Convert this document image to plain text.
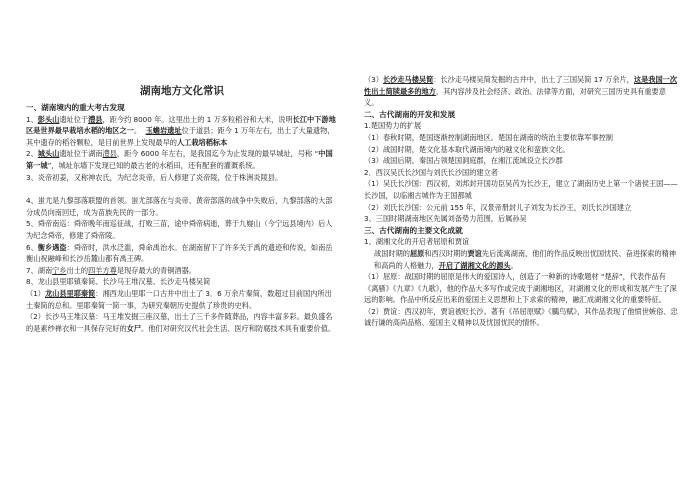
湖南地方文化常识

一、湖南境内的重大考古发现

1、彭头山遗址位于澧县，距今约 8000 年。这里出土的 1 万多粒稻谷和大米，说明长江中下游地区是世界最早栽培水稻的地区之一。 玉蟾岩遗址位于道县；距今 1 万年左右，出土了大量遗物，其中遗存的稻谷颗粒，是目前世界上发现最早的人工栽培稻标本

2、城头山遗址位于湖南澧县，距今 6000 年左右，是我国迄今为止发现的最早城址，号称 “中国第一城”，城址东墙下发现已知的最古老的水稻田，还有配套的灌溉系统。

3、炎帝初姜，又称神农氏，为纪念炎帝，后人修建了炎帝陵，位于株洲炎陵县。

4、蚩尤是九黎部落联盟的首领。蚩尤部落在与炎帝、黄帝部落的战争中失败后，九黎部落的大部分成员向南回迁，成为苗族先民的一部分。

5、舜帝南巡：舜帝晚年南巡征战，打败三苗，途中舜帝病逝，葬于九嶷山（今宁远县境内）后人为纪念舜帝，修建了舜帝陵。

6、衡乡遇盗：舜帝时，洪水泛滥，舜命禹治水。在湖南留下了许多关于禹的遗迹和传说，如南岳衡山祝融峰和长沙岳麓山都有禹王碑。

7、湖南宁乡出土的四羊方尊是现存最大的青铜酒器。

8、龙山县里耶镇秦简、长沙马王堆汉墓、长沙走马楼吴简

（1）龙山县里耶秦简：湘西龙山里耶一口古井中出土了 3．6 万余片秦简，数超过目前国内所出土秦简的总和。里耶秦简一简一事，为研究秦朝历史提供了珍贵的史料。

（2）长沙马王堆汉墓：马王堆发掘三座汉墓，出土了三千多件随葬品，内容丰富多彩。最负盛名的是素纱禅衣和一具保存完好的女尸。他们对研究汉代社会生活、医疗和防腐技术具有重要价值。

（3）长沙走马楼吴简：长沙走马楼吴简发掘的古井中，出土了三国吴简 17 万余片，这是我国一次性出土简牍最多的地方，其内容涉及社会经济、政治、法律等方面，对研究三国历史具有重要意义。

二、古代湖南的开发和发展

1.楚国势力的扩展

（1）春秋时期，楚国逐渐控制湖南地区。楚国在湖南的统治主要依靠军事控制

（2）战国时期，楚文化基本取代湖南境内的越文化和蛮族文化。

（3）战国后期，秦国占领楚国洞庭郡，在湘江流域设立长沙郡

2．西汉吴氏长沙国与刘氏长沙国的建立者

（1）吴氏长沙国：西汉初，刘邦封开国功臣吴芮为长沙王，建立了湖南历史上第一个诸侯王国——长沙国，以临湘古城作为王国都城

（2）刘氏长沙国：公元前 155 年，汉景帝册封儿子刘发为长沙王，刘氏长沙国建立

3、三国时期湖南地区先属刘备势力范围，后属孙吴

三、古代湖南的主要文化成就

1、湖湘文化的开启者屈原和贾谊

战国时期的屈原和西汉时期的贾谊先后流寓湖南，他们的作品反映出忧国忧民、奋进探索的精神和高尚的人格魅力，开启了湖湘文化的源头。

（1）屈原：战国时期的屈原是伟大的爱国诗人，创造了一种新的诗歌题材 “楚辞”，代表作品有《离骚》《九章》《九歌》，他的作品大多写作或完成于湖湘地区，对湖湘文化的形成和发展产生了深远的影响。作品中所反应出来的爱国主义思想和上下求索的精神，融汇成湖湘文化的重要特征。

（2）贾谊：西汉初年，贾谊被贬长沙。著有《吊屈原赋》《鵩鸟赋》，其作品表现了他愤世嫉俗、忠诚行谦的高尚品格、爱国主义精神以及忧国忧民的情怀。
